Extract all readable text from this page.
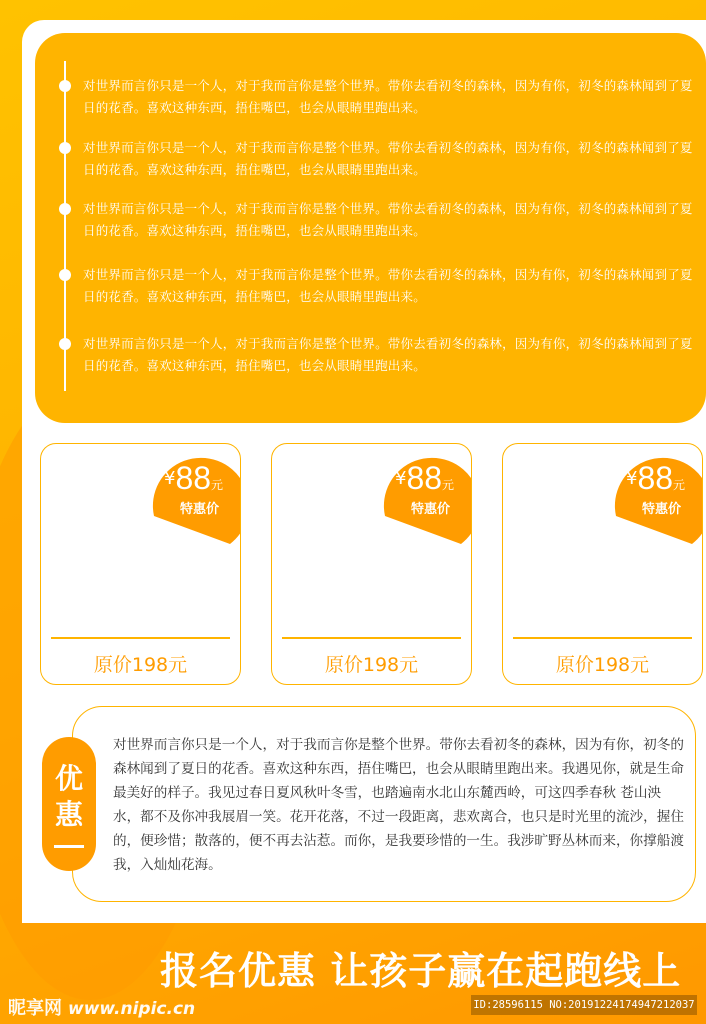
对世界而言你只是一个人，对于我而言你是整个世界。带你去看初冬的森林，因为有你，初冬的森林闻到了夏日的花香。喜欢这种东西，捂住嘴巴，也会从眼睛里跑出来。
对世界而言你只是一个人，对于我而言你是整个世界。带你去看初冬的森林，因为有你，初冬的森林闻到了夏日的花香。喜欢这种东西，捂住嘴巴，也会从眼睛里跑出来。
对世界而言你只是一个人，对于我而言你是整个世界。带你去看初冬的森林，因为有你，初冬的森林闻到了夏日的花香。喜欢这种东西，捂住嘴巴，也会从眼睛里跑出来。
对世界而言你只是一个人，对于我而言你是整个世界。带你去看初冬的森林，因为有你，初冬的森林闻到了夏日的花香。喜欢这种东西，捂住嘴巴，也会从眼睛里跑出来。
对世界而言你只是一个人，对于我而言你是整个世界。带你去看初冬的森林，因为有你，初冬的森林闻到了夏日的花香。喜欢这种东西，捂住嘴巴，也会从眼睛里跑出来。
¥88元
特惠价
原价198元
¥88元
特惠价
原价198元
¥88元
特惠价
原价198元
对世界而言你只是一个人，对于我而言你是整个世界。带你去看初冬的森林，因为有你，初冬的森林闻到了夏日的花香。喜欢这种东西，捂住嘴巴，也会从眼睛里跑出来。我遇见你，就是生命最美好的样子。我见过春日夏风秋叶冬雪，也踏遍南水北山东麓西岭，可这四季春秋 苍山泱水，都不及你冲我展眉一笑。花开花落，不过一段距离，悲欢离合，也只是时光里的流沙，握住的，便珍惜；散落的，便不再去沾惹。而你，是我要珍惜的一生。我涉旷野丛林而来，你撑船渡我，入灿灿花海。
优
惠
报名优惠 让孩子赢在起跑线上
昵享网 www.nipic.cn	ID:28596115 NO:20191224174947212037
